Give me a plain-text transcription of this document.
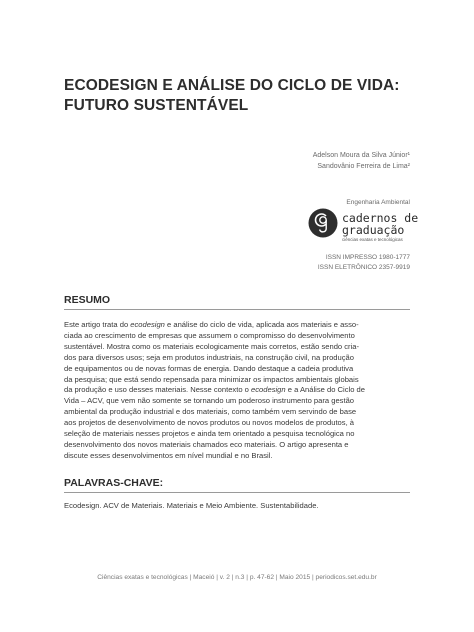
ECODESIGN E ANÁLISE DO CICLO DE VIDA:
FUTURO SUSTENTÁVEL
Adelson Moura da Silva Júnior¹
Sandovânio Ferreira de Lima²
Engenharia Ambiental
cadernos de
graduação
ciências exatas e tecnológicas
ISSN IMPRESSO 1980-1777
ISSN ELETRÔNICO 2357-9919
RESUMO
Este artigo trata do ecodesign e análise do ciclo de vida, aplicada aos materiais e asso-
ciada ao crescimento de empresas que assumem o compromisso do desenvolvimento
sustentável. Mostra como os materiais ecologicamente mais corretos, estão sendo cria-
dos para diversos usos; seja em produtos industriais, na construção civil, na produção
de equipamentos ou de novas formas de energia. Dando destaque a cadeia produtiva
da pesquisa; que está sendo repensada para minimizar os impactos ambientais globais
da produção e uso desses materiais. Nesse contexto o ecodesign e a Análise do Ciclo de
Vida – ACV, que vem não somente se tornando um poderoso instrumento para gestão
ambiental da produção industrial e dos materiais, como também vem servindo de base
aos projetos de desenvolvimento de novos produtos ou novos modelos de produtos, à
seleção de materiais nesses projetos e ainda tem orientado a pesquisa tecnológica no
desenvolvimento dos novos materiais chamados eco materiais. O artigo apresenta e
discute esses desenvolvimentos em nível mundial e no Brasil.
PALAVRAS-CHAVE:

Ecodesign. ACV de Materiais. Materiais e Meio Ambiente. Sustentabilidade.

Ciências exatas e tecnológicas | Maceió | v. 2 | n.3 | p. 47-62 | Maio 2015 | periodicos.set.edu.br
